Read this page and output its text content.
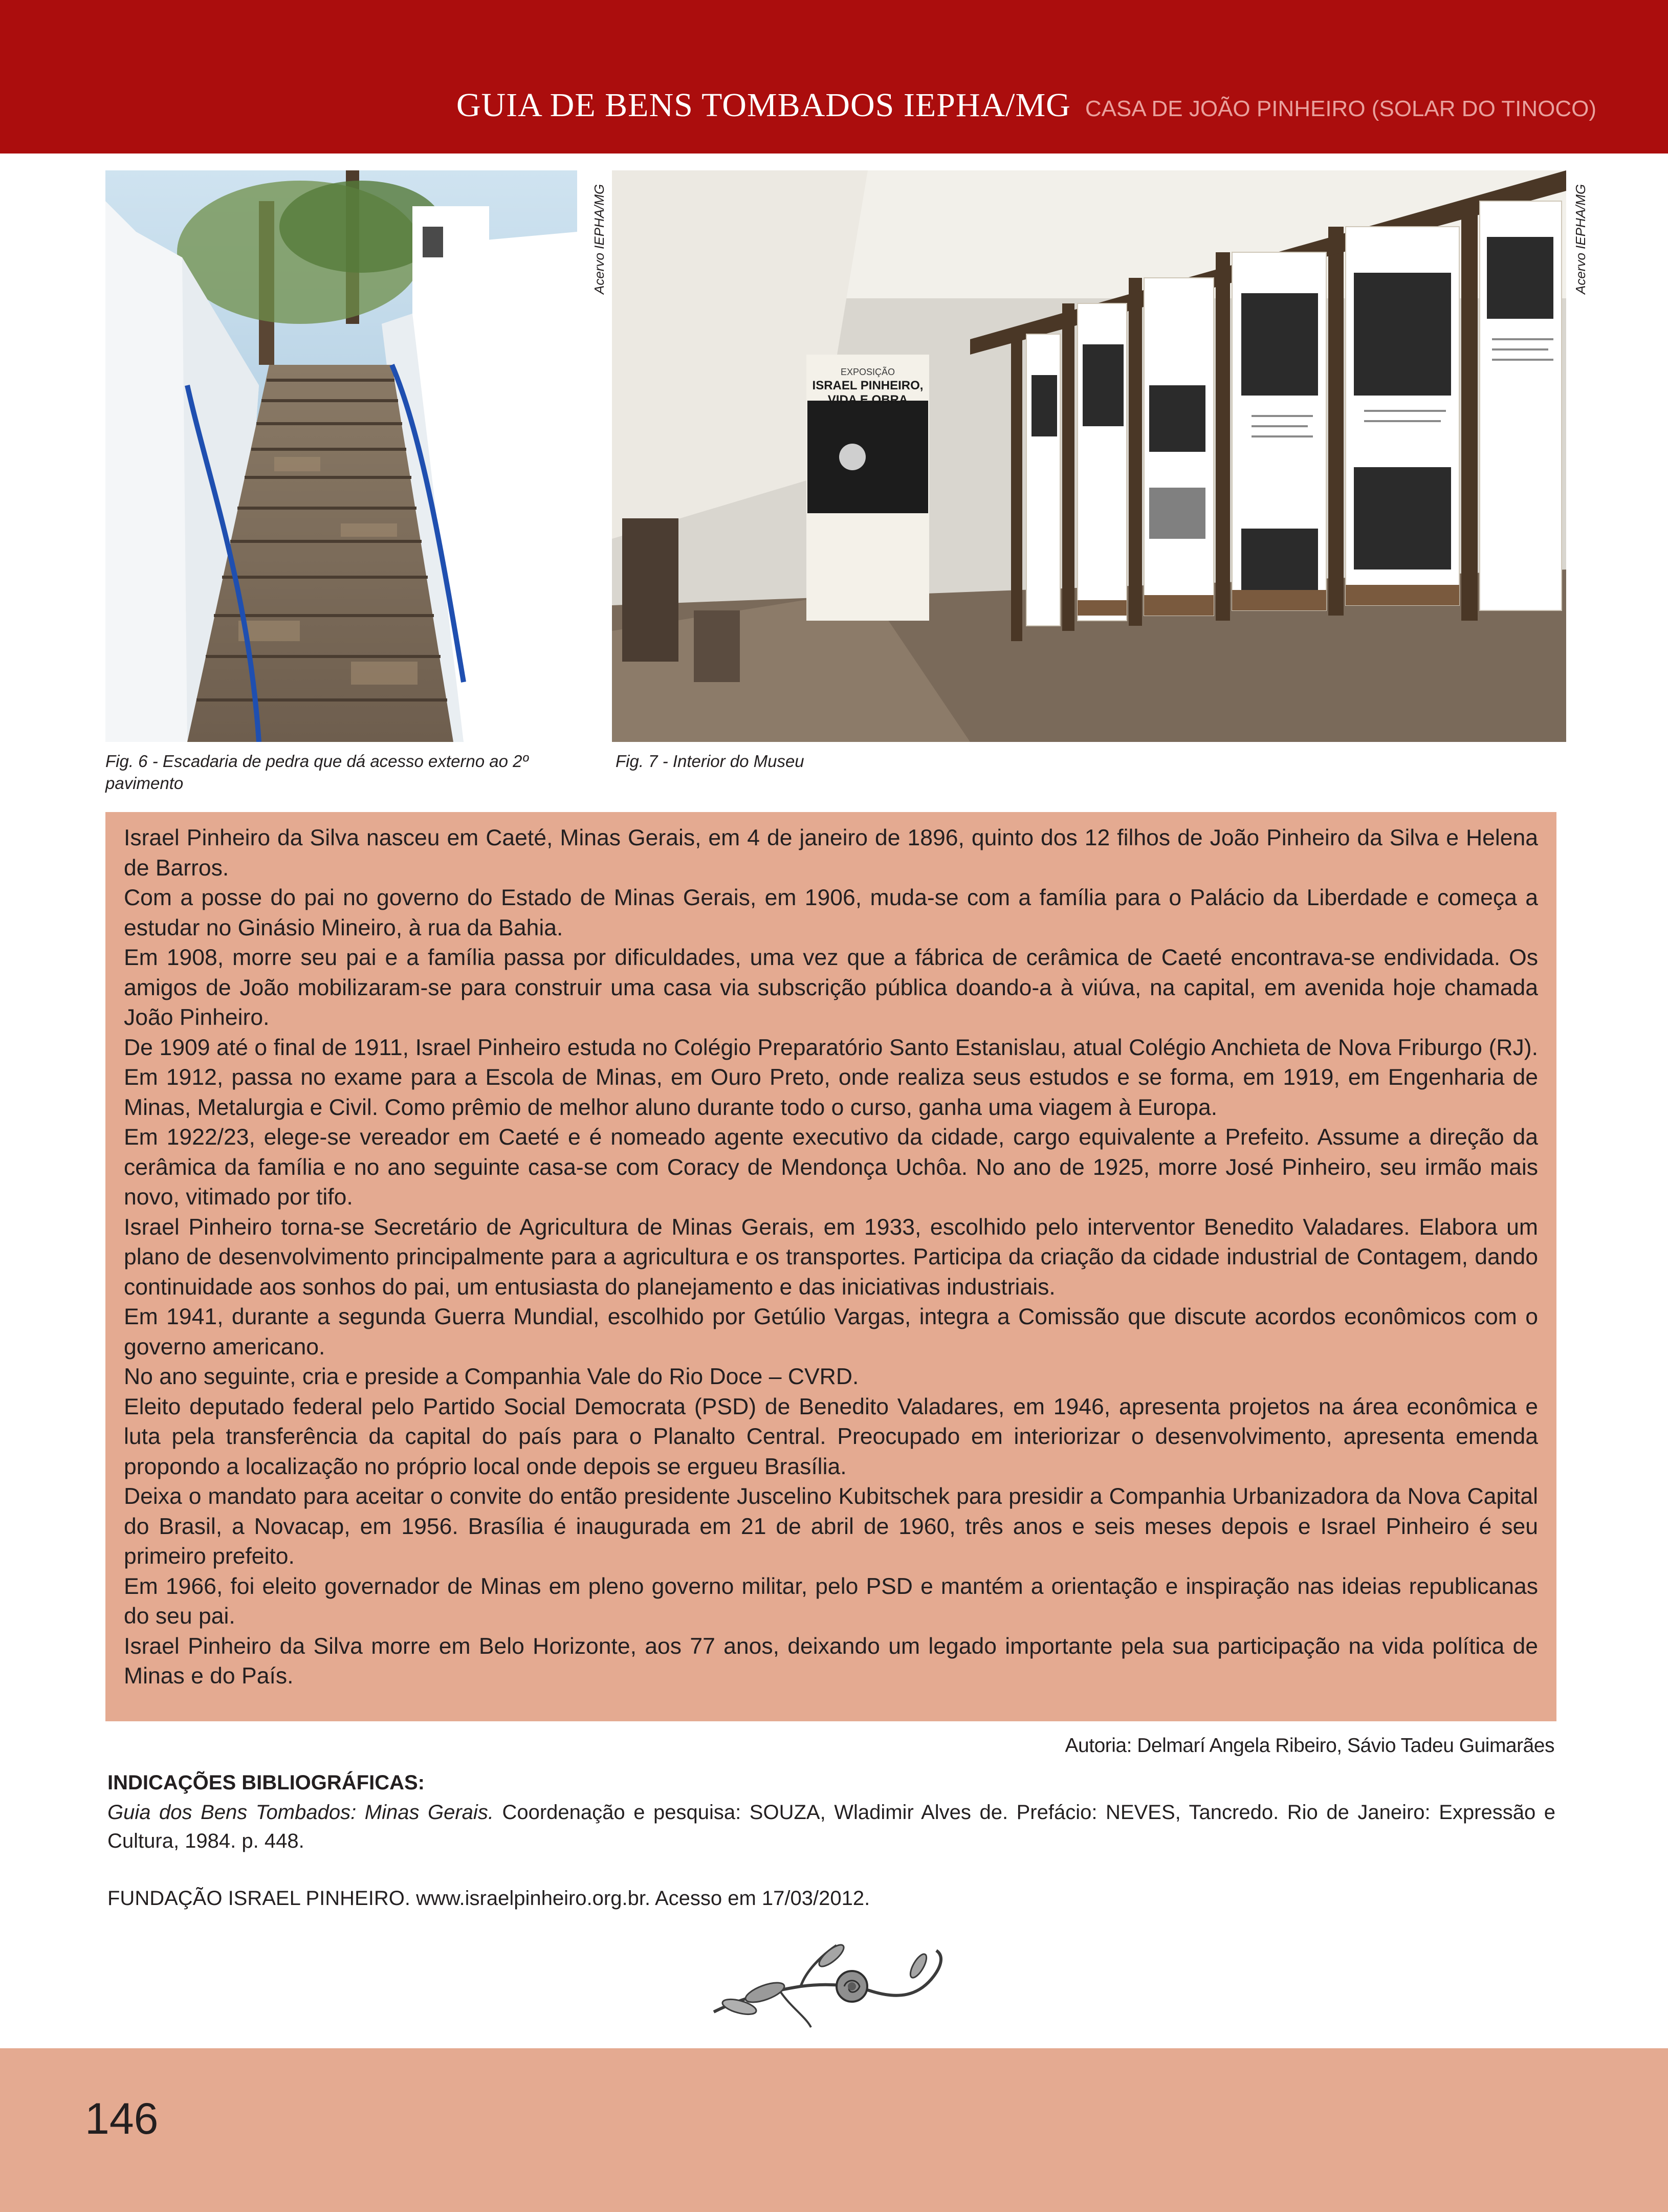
GUIA DE BENS TOMBADOS IEPHA/MG CASA DE JOÃO PINHEIRO (SOLAR DO TINOCO)
Acervo IEPHA/MG
EXPOSIÇÃO
ISRAEL PINHEIRO,
VIDA E OBRA
Acervo IEPHA/MG
Fig. 6 - Escadaria de pedra que dá acesso externo ao 2º
pavimento
Fig. 7 - Interior do Museu

Israel Pinheiro da Silva nasceu em Caeté, Minas Gerais, em 4 de janeiro de 1896, quinto dos 12 filhos de João Pinheiro da Silva e Helena de Barros.

Com a posse do pai no governo do Estado de Minas Gerais, em 1906, muda-se com a família para o Palácio da Liberdade e começa a estudar no Ginásio Mineiro, à rua da Bahia.

Em 1908, morre seu pai e a família passa por dificuldades, uma vez que a fábrica de cerâmica de Caeté encontrava-se endividada. Os amigos de João mobilizaram-se para construir uma casa via subscrição pública doando-a à viúva, na capital, em avenida hoje chamada João Pinheiro.

De 1909 até o final de 1911, Israel Pinheiro estuda no Colégio Preparatório Santo Estanislau, atual Colégio Anchieta de Nova Friburgo (RJ). Em 1912, passa no exame para a Escola de Minas, em Ouro Preto, onde realiza seus estudos e se forma, em 1919, em Engenharia de Minas, Metalurgia e Civil. Como prêmio de melhor aluno durante todo o curso, ganha uma viagem à Europa.

Em 1922/23, elege-se vereador em Caeté e é nomeado agente executivo da cidade, cargo equivalente a Prefeito. Assume a direção da cerâmica da família e no ano seguinte casa-se com Coracy de Mendonça Uchôa. No ano de 1925, morre José Pinheiro, seu irmão mais novo, vitimado por tifo.

Israel Pinheiro torna-se Secretário de Agricultura de Minas Gerais, em 1933, escolhido pelo interventor Benedito Valadares. Elabora um plano de desenvolvimento principalmente para a agricultura e os transportes. Participa da criação da cidade industrial de Contagem, dando continuidade aos sonhos do pai, um entusiasta do planejamento e das iniciativas industriais.

Em 1941, durante a segunda Guerra Mundial, escolhido por Getúlio Vargas, integra a Comissão que discute acordos econômicos com o governo americano.

No ano seguinte, cria e preside a Companhia Vale do Rio Doce – CVRD.

Eleito deputado federal pelo Partido Social Democrata (PSD) de Benedito Valadares, em 1946, apresenta projetos na área econômica e luta pela transferência da capital do país para o Planalto Central. Preocupado em interiorizar o desenvolvimento, apresenta emenda propondo a localização no próprio local onde depois se ergueu Brasília.

Deixa o mandato para aceitar o convite do então presidente Juscelino Kubitschek para presidir a Companhia Urbanizadora da Nova Capital do Brasil, a Novacap, em 1956. Brasília é inaugurada em 21 de abril de 1960, três anos e seis meses depois e Israel Pinheiro é seu primeiro prefeito.

Em 1966, foi eleito governador de Minas em pleno governo militar, pelo PSD e mantém a orientação e inspiração nas ideias republicanas do seu pai.

Israel Pinheiro da Silva morre em Belo Horizonte, aos 77 anos, deixando um legado importante pela sua participação na vida política de Minas e do País.

Autoria: Delmarí Angela Ribeiro, Sávio Tadeu Guimarães
INDICAÇÕES BIBLIOGRÁFICAS:
Guia dos Bens Tombados: Minas Gerais. Coordenação e pesquisa: SOUZA, Wladimir Alves de. Prefácio: NEVES, Tancredo. Rio de Janeiro: Expressão e Cultura, 1984. p. 448.
FUNDAÇÃO ISRAEL PINHEIRO. www.israelpinheiro.org.br. Acesso em 17/03/2012.
146
